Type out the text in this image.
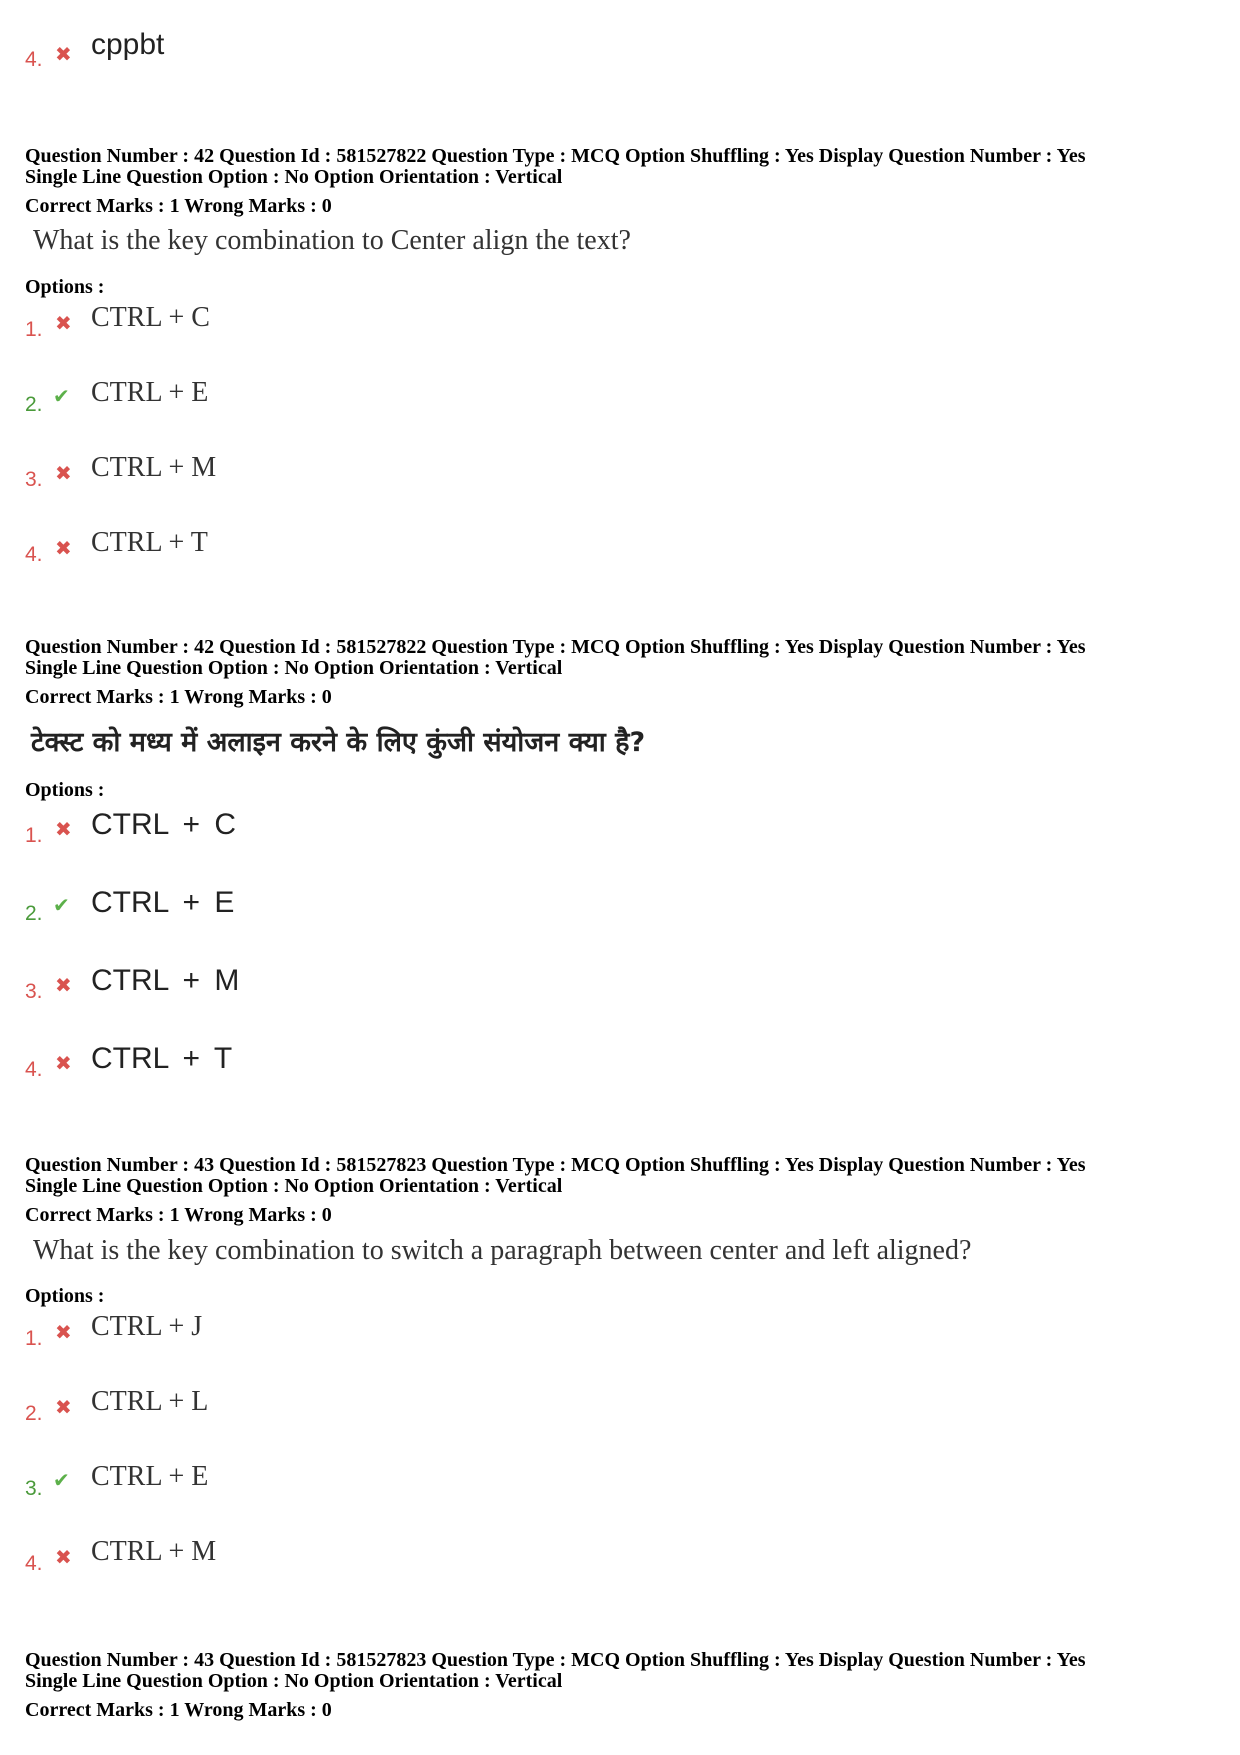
4. ✖ cppbt
Question Number : 42 Question Id : 581527822 Question Type : MCQ Option Shuffling : Yes Display Question Number : Yes
Single Line Question Option : No Option Orientation : Vertical
Correct Marks : 1 Wrong Marks : 0
What is the key combination to Center align the text?
Options :
1. ✖ CTRL + C
2. ✔ CTRL + E
3. ✖ CTRL + M
4. ✖ CTRL + T
Question Number : 42 Question Id : 581527822 Question Type : MCQ Option Shuffling : Yes Display Question Number : Yes
Single Line Question Option : No Option Orientation : Vertical
Correct Marks : 1 Wrong Marks : 0
टेक्स्ट को मध्य में अलाइन करने के लिए कुंजी संयोजन क्या है?
Options :
1. ✖ CTRL + C
2. ✔ CTRL + E
3. ✖ CTRL + M
4. ✖ CTRL + T
Question Number : 43 Question Id : 581527823 Question Type : MCQ Option Shuffling : Yes Display Question Number : Yes
Single Line Question Option : No Option Orientation : Vertical
Correct Marks : 1 Wrong Marks : 0
What is the key combination to switch a paragraph between center and left aligned?
Options :
1. ✖ CTRL + J
2. ✖ CTRL + L
3. ✔ CTRL + E
4. ✖ CTRL + M
Question Number : 43 Question Id : 581527823 Question Type : MCQ Option Shuffling : Yes Display Question Number : Yes
Single Line Question Option : No Option Orientation : Vertical
Correct Marks : 1 Wrong Marks : 0
